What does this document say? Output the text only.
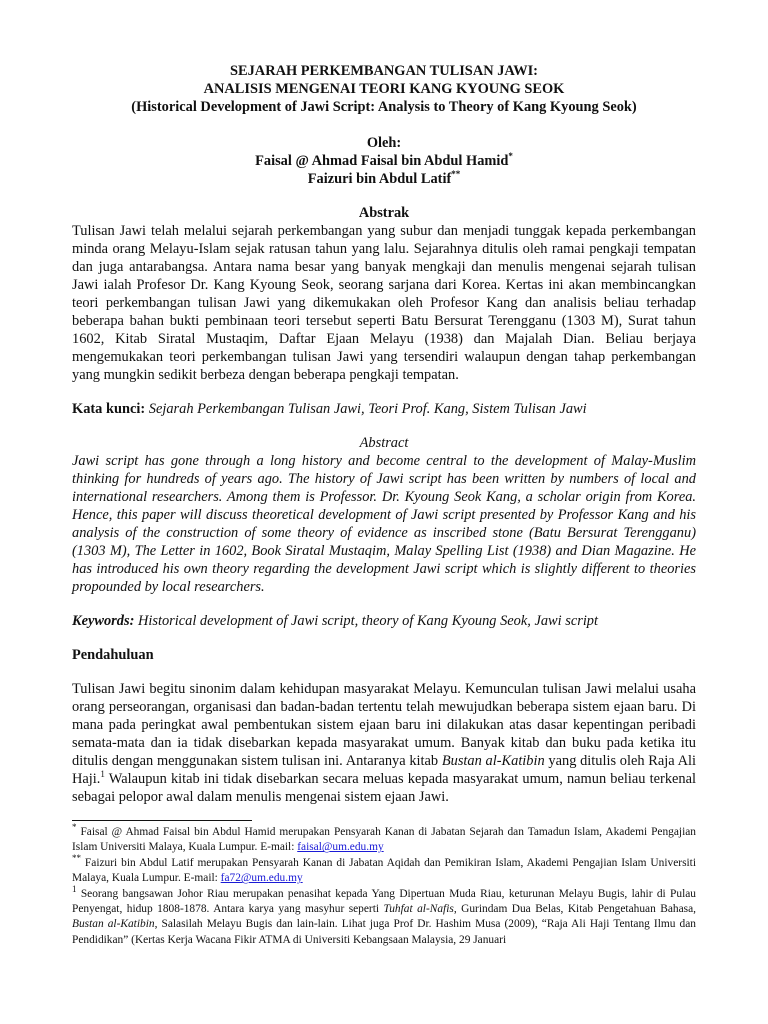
SEJARAH PERKEMBANGAN TULISAN JAWI:
ANALISIS MENGENAI TEORI KANG KYOUNG SEOK
(Historical Development of Jawi Script: Analysis to Theory of Kang Kyoung Seok)
Oleh:
Faisal @ Ahmad Faisal bin Abdul Hamid*
Faizuri bin Abdul Latif**
Abstrak

Tulisan Jawi telah melalui sejarah perkembangan yang subur dan menjadi tunggak kepada perkembangan minda orang Melayu-Islam sejak ratusan tahun yang lalu. Sejarahnya ditulis oleh ramai pengkaji tempatan dan juga antarabangsa. Antara nama besar yang banyak mengkaji dan menulis mengenai sejarah tulisan Jawi ialah Profesor Dr. Kang Kyoung Seok, seorang sarjana dari Korea. Kertas ini akan membincangkan teori perkembangan tulisan Jawi yang dikemukakan oleh Profesor Kang dan analisis beliau terhadap beberapa bahan bukti pembinaan teori tersebut seperti Batu Bersurat Terengganu (1303 M), Surat tahun 1602, Kitab Siratal Mustaqim, Daftar Ejaan Melayu (1938) dan Majalah Dian. Beliau berjaya mengemukakan teori perkembangan tulisan Jawi yang tersendiri walaupun dengan tahap perkembangan yang mungkin sedikit berbeza dengan beberapa pengkaji tempatan.

Kata kunci: Sejarah Perkembangan Tulisan Jawi, Teori Prof. Kang, Sistem Tulisan Jawi

Abstract

Jawi script has gone through a long history and become central to the development of Malay-Muslim thinking for hundreds of years ago. The history of Jawi script has been written by numbers of local and international researchers. Among them is Professor. Dr. Kyoung Seok Kang, a scholar origin from Korea. Hence, this paper will discuss theoretical development of Jawi script presented by Professor Kang and his analysis of the construction of some theory of evidence as inscribed stone (Batu Bersurat Terengganu) (1303 M), The Letter in 1602, Book Siratal Mustaqim, Malay Spelling List (1938) and Dian Magazine. He has introduced his own theory regarding the development Jawi script which is slightly different to theories propounded by local researchers.

Keywords: Historical development of Jawi script, theory of Kang Kyoung Seok, Jawi script

Pendahuluan

Tulisan Jawi begitu sinonim dalam kehidupan masyarakat Melayu. Kemunculan tulisan Jawi melalui usaha orang perseorangan, organisasi dan badan-badan tertentu telah mewujudkan beberapa sistem ejaan baru. Di mana pada peringkat awal pembentukan sistem ejaan baru ini dilakukan atas dasar kepentingan peribadi semata-mata dan ia tidak disebarkan kepada masyarakat umum. Banyak kitab dan buku pada ketika itu ditulis dengan menggunakan sistem tulisan ini. Antaranya kitab Bustan al-Katibin yang ditulis oleh Raja Ali Haji.$^1$ Walaupun kitab ini tidak disebarkan secara meluas kepada masyarakat umum, namun beliau terkenal sebagai pelopor awal dalam menulis mengenai sistem ejaan Jawi.

* Faisal @ Ahmad Faisal bin Abdul Hamid merupakan Pensyarah Kanan di Jabatan Sejarah dan Tamadun Islam, Akademi Pengajian Islam Universiti Malaya, Kuala Lumpur. E-mail: faisal@um.edu.my

** Faizuri bin Abdul Latif merupakan Pensyarah Kanan di Jabatan Aqidah dan Pemikiran Islam, Akademi Pengajian Islam Universiti Malaya, Kuala Lumpur. E-mail: fa72@um.edu.my

$^1$ Seorang bangsawan Johor Riau merupakan penasihat kepada Yang Dipertuan Muda Riau, keturunan Melayu Bugis, lahir di Pulau Penyengat, hidup 1808-1878. Antara karya yang masyhur seperti Tuhfat al-Nafis, Gurindam Dua Belas, Kitab Pengetahuan Bahasa, Bustan al-Katibin, Salasilah Melayu Bugis dan lain-lain. Lihat juga Prof Dr. Hashim Musa (2009), “Raja Ali Haji Tentang Ilmu dan Pendidikan” (Kertas Kerja Wacana Fikir ATMA di Universiti Kebangsaan Malaysia, 29 Januari
